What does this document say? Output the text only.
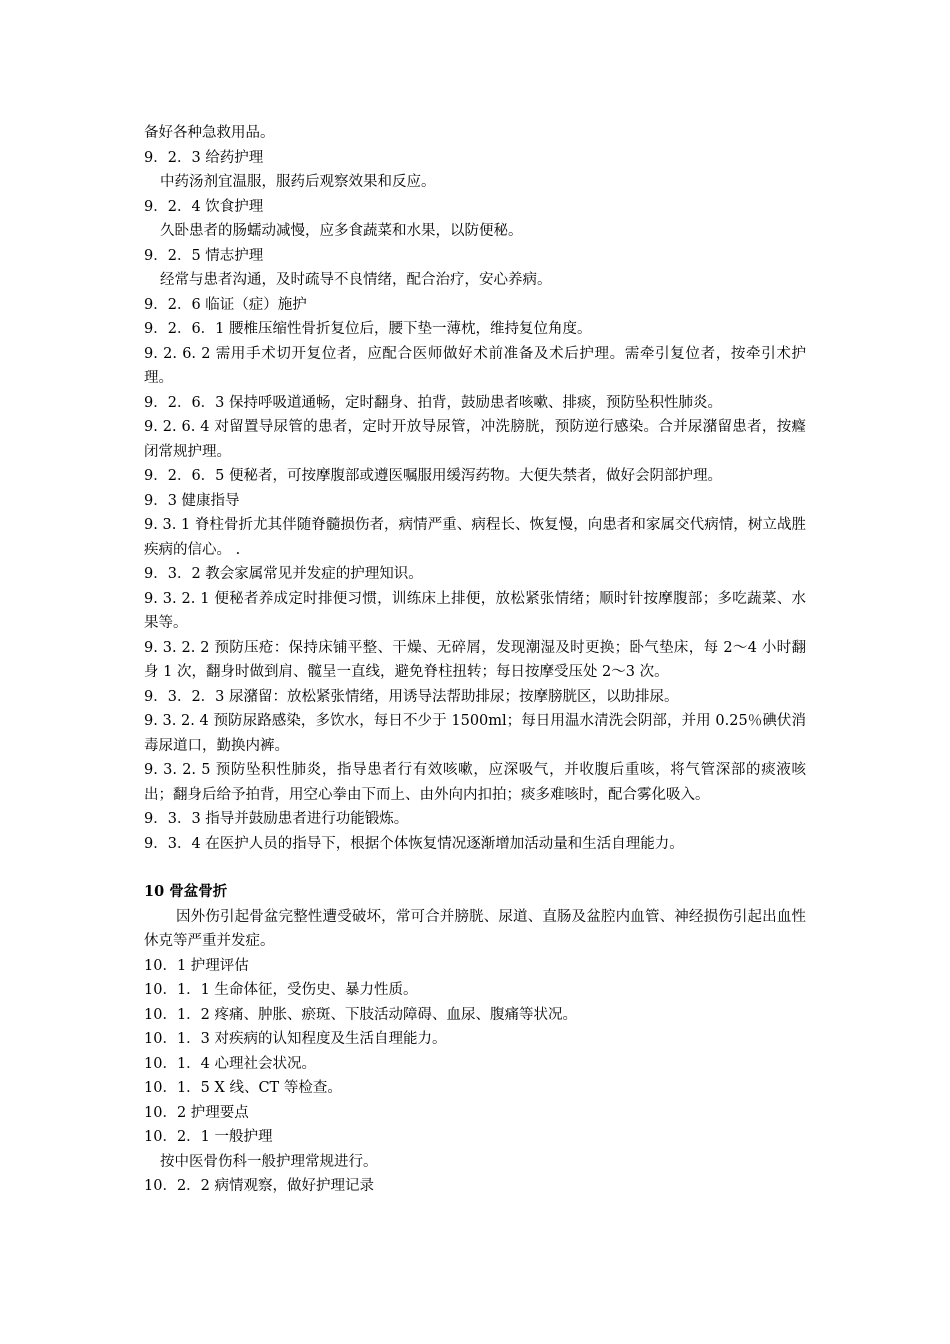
备好各种急救用品。
9．2．3 给药护理
中药汤剂宜温服，服药后观察效果和反应。
9．2．4 饮食护理
久卧患者的肠蠕动减慢，应多食蔬菜和水果，以防便秘。
9．2．5 情志护理
经常与患者沟通，及时疏导不良情绪，配合治疗，安心养病。
9．2．6 临证（症）施护
9．2．6．1 腰椎压缩性骨折复位后，腰下垫一薄枕，维持复位角度。
9. 2. 6. 2 需用手术切开复位者，应配合医师做好术前准备及术后护理。需牵引复位者，按牵引术护理。
9．2．6．3 保持呼吸道通畅，定时翻身、拍背，鼓励患者咳嗽、排痰，预防坠积性肺炎。
9. 2. 6. 4 对留置导尿管的患者，定时开放导尿管，冲洗膀胱，预防逆行感染。合并尿潴留患者，按癃闭常规护理。
9．2．6．5 便秘者，可按摩腹部或遵医嘱服用缓泻药物。大便失禁者，做好会阴部护理。
9．3 健康指导
9. 3. 1 脊柱骨折尤其伴随脊髓损伤者，病情严重、病程长、恢复慢，向患者和家属交代病情，树立战胜疾病的信心。 .
9．3．2 教会家属常见并发症的护理知识。
9. 3. 2. 1 便秘者养成定时排便习惯，训练床上排便，放松紧张情绪；顺时针按摩腹部；多吃蔬菜、水果等。
9. 3. 2. 2 预防压疮：保持床铺平整、干燥、无碎屑，发现潮湿及时更换；卧气垫床，每 2～4 小时翻身 1 次，翻身时做到肩、髋呈一直线，避免脊柱扭转；每日按摩受压处 2～3 次。
9．3．2．3 尿潴留：放松紧张情绪，用诱导法帮助排尿；按摩膀胱区，以助排尿。
9. 3. 2. 4 预防尿路感染，多饮水，每日不少于 1500ml；每日用温水清洗会阴部，并用 0.25％碘伏消毒尿道口，勤换内裤。
9. 3. 2. 5 预防坠积性肺炎，指导患者行有效咳嗽，应深吸气，并收腹后重咳，将气管深部的痰液咳出；翻身后给予拍背，用空心拳由下而上、由外向内扣拍；痰多难咳时，配合雾化吸入。
9．3．3 指导并鼓励患者进行功能锻炼。
9．3．4 在医护人员的指导下，根据个体恢复情况逐渐增加活动量和生活自理能力。
10 骨盆骨折
因外伤引起骨盆完整性遭受破坏，常可合并膀胱、尿道、直肠及盆腔内血管、神经损伤引起出血性休克等严重并发症。
10．1 护理评估
10．1．1 生命体征，受伤史、暴力性质。
10．1．2 疼痛、肿胀、瘀斑、下肢活动障碍、血尿、腹痛等状况。
10．1．3 对疾病的认知程度及生活自理能力。
10．1．4 心理社会状况。
10．1．5 X 线、CT 等检查。
10．2 护理要点
10．2．1 一般护理
按中医骨伤科一般护理常规进行。
10．2．2 病情观察，做好护理记录
